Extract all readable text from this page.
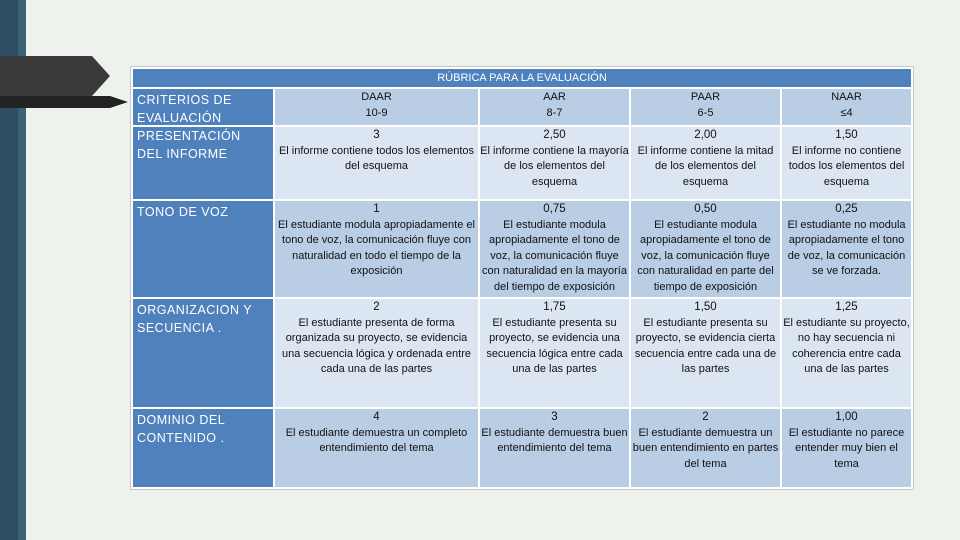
RÚBRICA PARA LA EVALUACIÓN
CRITERIOS DE EVALUACIÓN
DAAR
10-9
AAR
8-7
PAAR
6-5
NAAR
≤4
PRESENTACIÓN DEL INFORME
3
El informe contiene todos los elementos del esquema
2,50
El informe contiene la mayoría de los elementos del esquema
2,00
El informe contiene la mitad de los elementos del esquema
1,50
El informe no contiene todos los elementos del esquema
TONO DE VOZ	1
El estudiante modula apropiadamente el tono de voz, la comunicación fluye con naturalidad en todo el tiempo de la exposición
0,75
El estudiante modula apropiadamente el tono de voz, la comunicación fluye con naturalidad en la mayoría del tiempo de exposición
0,50
El estudiante modula apropiadamente el tono de voz, la comunicación fluye con naturalidad en parte del tiempo de exposición
0,25
El estudiante no modula apropiadamente el tono de voz, la comunicación se ve forzada.
ORGANIZACION Y SECUENCIA .
2
El estudiante presenta de forma organizada su proyecto, se evidencia una secuencia lógica y ordenada entre cada una de las partes
1,75
El estudiante presenta su proyecto, se evidencia una secuencia lógica entre cada una de las partes
1,50
El estudiante presenta su proyecto, se evidencia cierta secuencia entre cada una de las partes
1,25
El estudiante su proyecto, no hay secuencia ni coherencia entre cada una de las partes
DOMINIO DEL CONTENIDO .
4
El estudiante demuestra un completo entendimiento del tema
3
El estudiante demuestra buen entendimiento del tema
2
El estudiante demuestra un buen entendimiento en partes del tema
1,00
El estudiante no parece entender muy bien el tema
